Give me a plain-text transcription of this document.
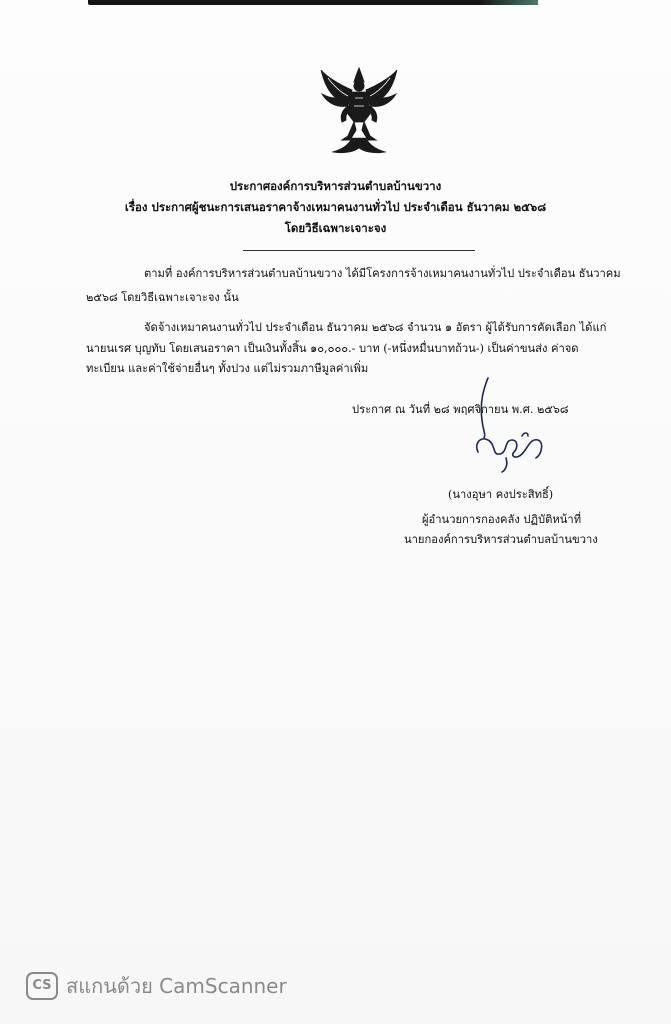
ประกาศองค์การบริหารส่วนตำบลบ้านขวาง
เรื่อง ประกาศผู้ชนะการเสนอราคาจ้างเหมาคนงานทั่วไป ประจำเดือน ธันวาคม ๒๕๖๘
โดยวิธีเฉพาะเจาะจง
ตามที่ องค์การบริหารส่วนตำบลบ้านขวาง ได้มีโครงการจ้างเหมาคนงานทั่วไป ประจำเดือน ธันวาคม
๒๕๖๘ โดยวิธีเฉพาะเจาะจง นั้น
จัดจ้างเหมาคนงานทั่วไป ประจำเดือน ธันวาคม ๒๕๖๘ จำนวน ๑ อัตรา ผู้ได้รับการคัดเลือก ได้แก่
นายนเรศ บุญทับ โดยเสนอราคา เป็นเงินทั้งสิ้น ๑๐,๐๐๐.- บาท (-หนึ่งหมื่นบาทถ้วน-) เป็นค่าขนส่ง ค่าจด
ทะเบียน และค่าใช้จ่ายอื่นๆ ทั้งปวง แต่ไม่รวมภาษีมูลค่าเพิ่ม
ประกาศ ณ วันที่ ๒๘ พฤศจิกายน พ.ศ. ๒๕๖๘
(นางอุษา คงประสิทธิ์)
ผู้อำนวยการกองคลัง ปฏิบัติหน้าที่
นายกองค์การบริหารส่วนตำบลบ้านขวาง
CS สแกนด้วย CamScanner
